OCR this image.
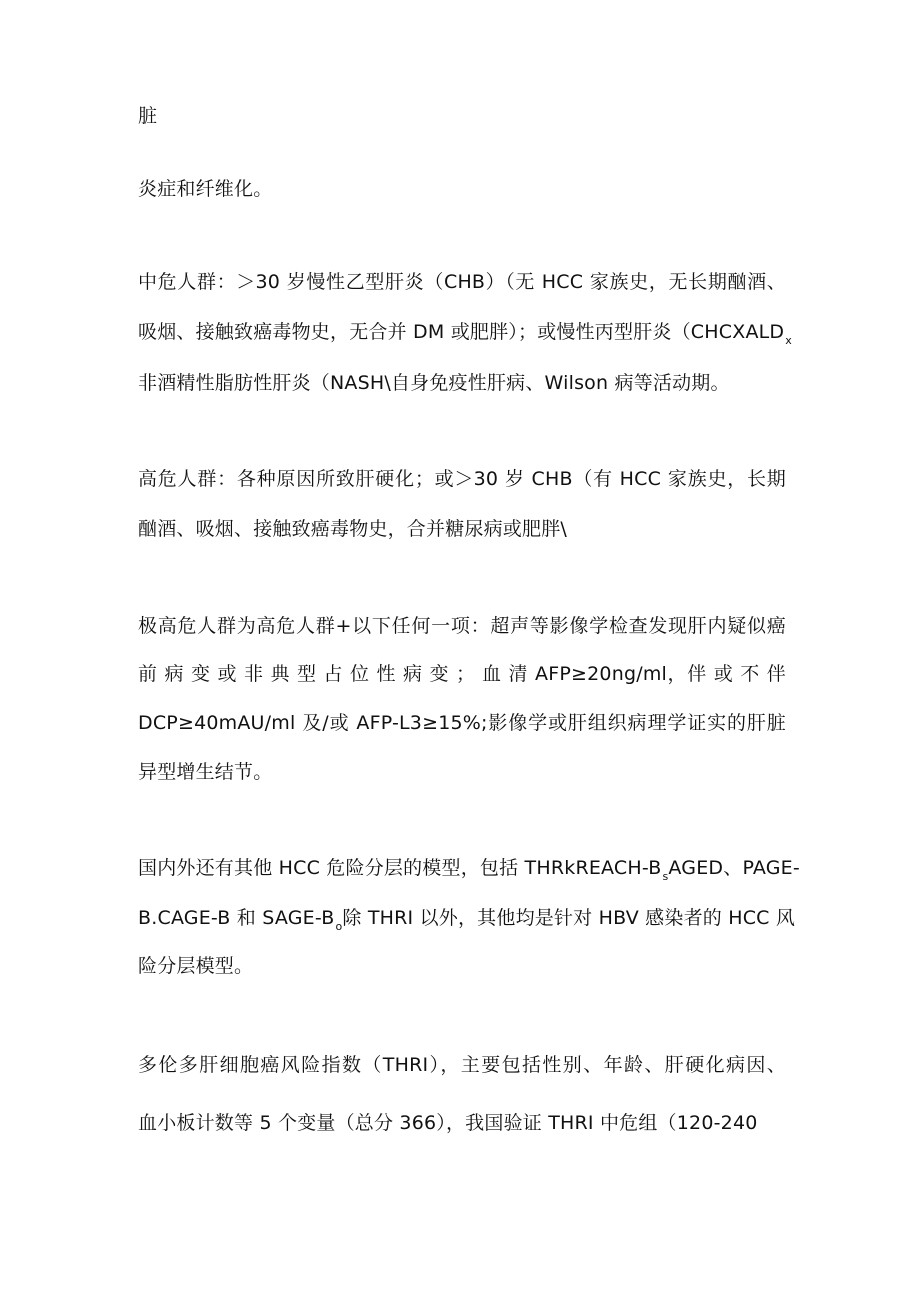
脏
炎症和纤维化。
中危人群：＞30 岁慢性乙型肝炎（CHB）（无 HCC 家族史，无长期酗酒、
吸烟、接触致癌毒物史，无合并 DM 或肥胖）；或慢性丙型肝炎（$CHCXALD_x$
非酒精性脂肪性肝炎（NASH\自身免疫性肝病、Wilson 病等活动期。
高危人群：各种原因所致肝硬化；或＞30 岁 CHB（有 HCC 家族史，长期
酗酒、吸烟、接触致癌毒物史，合并糖尿病或肥胖\
极高危人群为高危人群+以下任何一项：超声等影像学检查发现肝内疑似癌
前 病 变 或 非 典 型 占 位 性 病 变 ； 血 清 AFP≥20ng/ml，伴 或 不 伴
DCP≥40mAU/ml 及/或 AFP-L3≥15%;影像学或肝组织病理学证实的肝脏
异型增生结节。
国内外还有其他 HCC 危险分层的模型，包括 THRkREACH-$B_sAGED$、PAGE-
B.CAGE-B 和 SAGE-$B_o$除 THRI 以外，其他均是针对 HBV 感染者的 HCC 风
险分层模型。
多伦多肝细胞癌风险指数（THRI），主要包括性别、年龄、肝硬化病因、
血小板计数等 5 个变量（总分 366），我国验证 THRI 中危组（120-240
